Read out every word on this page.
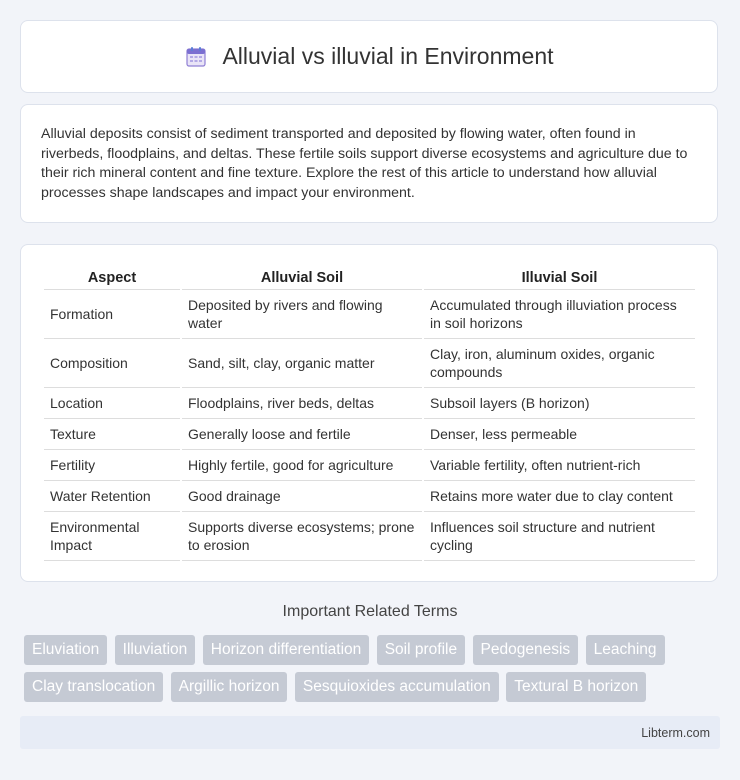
Alluvial vs illuvial in Environment

Alluvial deposits consist of sediment transported and deposited by flowing water, often found in riverbeds, floodplains, and deltas. These fertile soils support diverse ecosystems and agriculture due to their rich mineral content and fine texture. Explore the rest of this article to understand how alluvial processes shape landscapes and impact your environment.

Aspect	Alluvial Soil	Illuvial Soil
Formation	Deposited by rivers and flowing water	Accumulated through illuviation process in soil horizons
Composition	Sand, silt, clay, organic matter	Clay, iron, aluminum oxides, organic compounds
Location	Floodplains, river beds, deltas	Subsoil layers (B horizon)
Texture	Generally loose and fertile	Denser, less permeable
Fertility	Highly fertile, good for agriculture	Variable fertility, often nutrient-rich
Water Retention	Good drainage	Retains more water due to clay content
Environmental Impact	Supports diverse ecosystems; prone to erosion	Influences soil structure and nutrient cycling
Important Related Terms
Eluviation Illuviation Horizon differentiation Soil profile Pedogenesis Leaching Clay translocation Argillic horizon Sesquioxides accumulation Textural B horizon
Libterm.com
